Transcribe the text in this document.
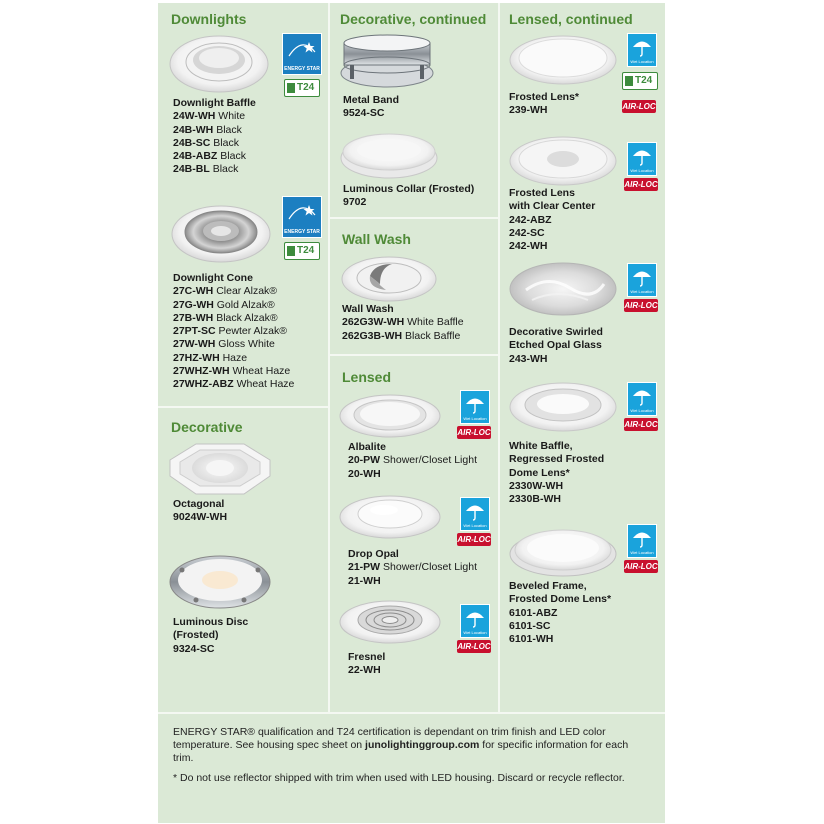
Downlights
Decorative
Decorative, continued
Wall Wash
Lensed
Lensed, continued
ENERGY STAR
T24
ENERGY STAR
T24
Wet Location
AIR-LOC
Wet Location
AIR-LOC
Wet Location
AIR-LOC
Wet Location
Wet Location
AIR-LOC
Wet Location
AIR-LOC
Wet Location
AIR-LOC
Wet Location
AIR-LOC
T24
AIR-LOC
Downlight Baffle
24W-WH White
24B-WH Black
24B-SC Black
24B-ABZ Black
24B-BL Black
Downlight Cone
27C-WH Clear Alzak®
27G-WH Gold Alzak®
27B-WH Black Alzak®
27PT-SC Pewter Alzak®
27W-WH Gloss White
27HZ-WH Haze
27WHZ-WH Wheat Haze
27WHZ-ABZ Wheat Haze
Octagonal
9024W-WH
Luminous Disc
(Frosted)
9324-SC
Metal Band
9524-SC
Luminous Collar (Frosted)
9702
Wall Wash
262G3W-WH White Baffle
262G3B-WH Black Baffle
Albalite
20-PW Shower/Closet Light
20-WH
Drop Opal
21-PW Shower/Closet Light
21-WH
Fresnel
22-WH
Frosted Lens*
239-WH
Frosted Lens
with Clear Center
242-ABZ
242-SC
242-WH
Decorative Swirled
Etched Opal Glass
243-WH
White Baffle,
Regressed Frosted
Dome Lens*
2330W-WH
2330B-WH
Beveled Frame,
Frosted Dome Lens*
6101-ABZ
6101-SC
6101-WH
ENERGY STAR® qualification and T24 certification is dependant on trim finish and LED color temperature. See housing spec sheet on junolightinggroup.com for specific information for each trim.
* Do not use reflector shipped with trim when used with LED housing. Discard or recycle reflector.
